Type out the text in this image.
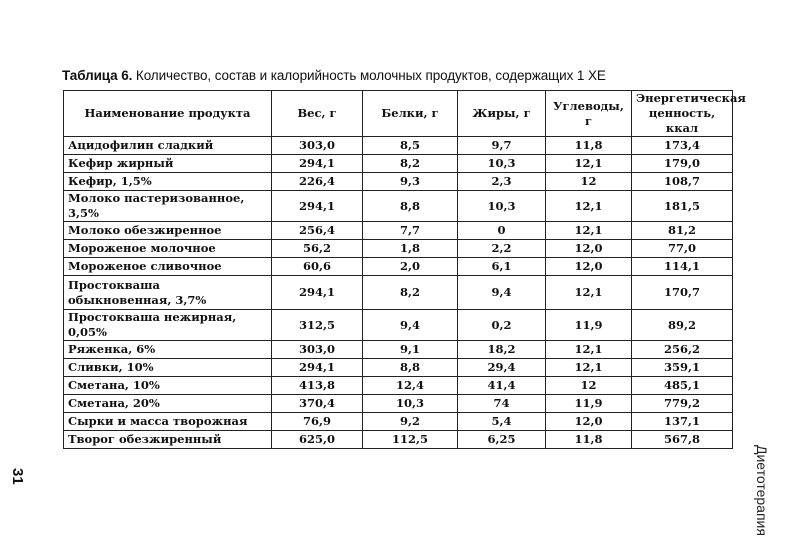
Таблица 6. Количество, состав и калорийность молочных продуктов, содержащих 1 ХЕ
Наименование продукта	Вес, г	Белки, г	Жиры, г	Углеводы, г	Энергетическая ценность, ккал
Ацидофилин сладкий	303,0	8,5	9,7	11,8	173,4
Кефир жирный	294,1	8,2	10,3	12,1	179,0
Кефир, 1,5%	226,4	9,3	2,3	12	108,7
Молоко пастеризованное, 3,5%	294,1	8,8	10,3	12,1	181,5
Молоко обезжиренное	256,4	7,7	0	12,1	81,2
Мороженое молочное	56,2	1,8	2,2	12,0	77,0
Мороженое сливочное	60,6	2,0	6,1	12,0	114,1
Простокваша обыкновенная, 3,7%	294,1	8,2	9,4	12,1	170,7
Простокваша нежирная, 0,05%	312,5	9,4	0,2	11,9	89,2
Ряженка, 6%	303,0	9,1	18,2	12,1	256,2
Сливки, 10%	294,1	8,8	29,4	12,1	359,1
Сметана, 10%	413,8	12,4	41,4	12	485,1
Сметана, 20%	370,4	10,3	74	11,9	779,2
Сырки и масса творожная	76,9	9,2	5,4	12,0	137,1
Творог обезжиренный	625,0	112,5	6,25	11,8	567,8
Диетотерапия
31
